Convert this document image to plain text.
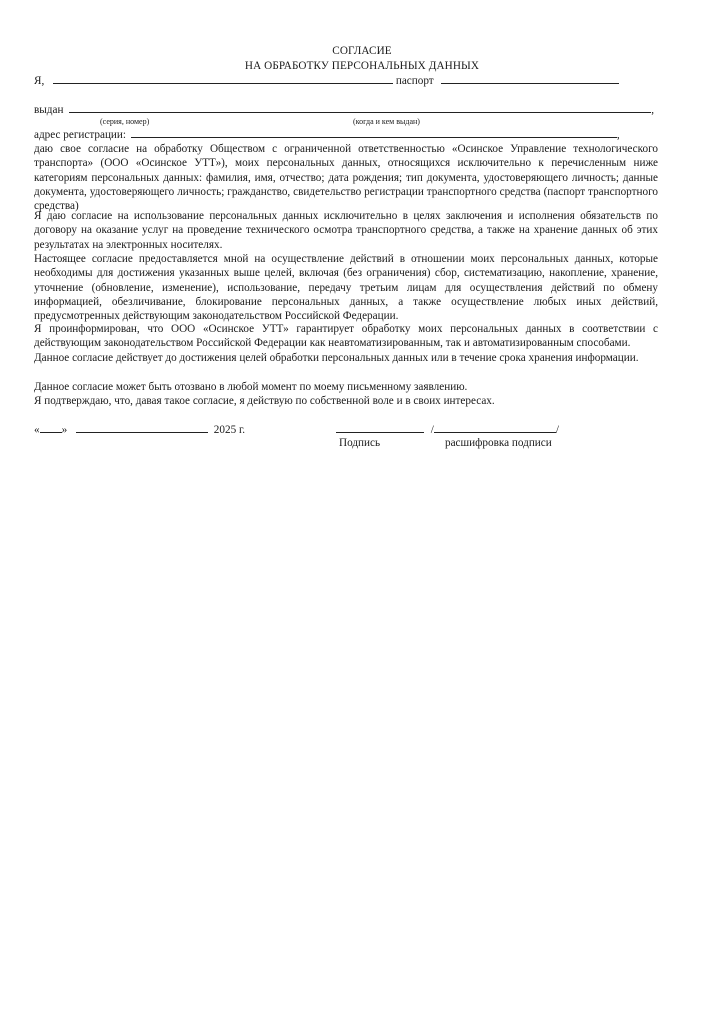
СОГЛАСИЕ
НА ОБРАБОТКУ ПЕРСОНАЛЬНЫХ ДАННЫХ
Я,	паспорт
выдан	,
(серия, номер)	(когда и кем выдан)
адрес регистрации:	,

даю свое согласие на обработку Обществом с ограниченной ответственностью «Осинское Управление технологического транспорта» (ООО «Осинское УТТ»), моих персональных данных, относящихся исключительно к перечисленным ниже категориям персональных данных: фамилия, имя, отчество; дата рождения; тип документа, удостоверяющего личность; данные документа, удостоверяющего личность; гражданство, свидетельство регистрации транспортного средства (паспорт транспортного средства)

Я даю согласие на использование персональных данных исключительно в целях заключения и исполнения обязательств по договору на оказание услуг на проведение технического осмотра транспортного средства, а также на хранение данных об этих результатах на электронных носителях.

Настоящее согласие предоставляется мной на осуществление действий в отношении моих персональных данных, которые необходимы для достижения указанных выше целей, включая (без ограничения) сбор, систематизацию, накопление, хранение, уточнение (обновление, изменение), использование, передачу третьим лицам для осуществления действий по обмену информацией, обезличивание, блокирование персональных данных, а также осуществление любых иных действий, предусмотренных действующим законодательством Российской Федерации.

Я проинформирован, что ООО «Осинское УТТ» гарантирует обработку моих персональных данных в соответствии с действующим законодательством Российской Федерации как неавтоматизированным, так и автоматизированным способами.

Данное согласие действует до достижения целей обработки персональных данных или в течение срока хранения информации.

Данное согласие может быть отозвано в любой момент по моему письменному заявлению.

Я подтверждаю, что, давая такое согласие, я действую по собственной воле и в своих интересах.

« »	2025 г.	/	/
Подпись	расшифровка подписи
